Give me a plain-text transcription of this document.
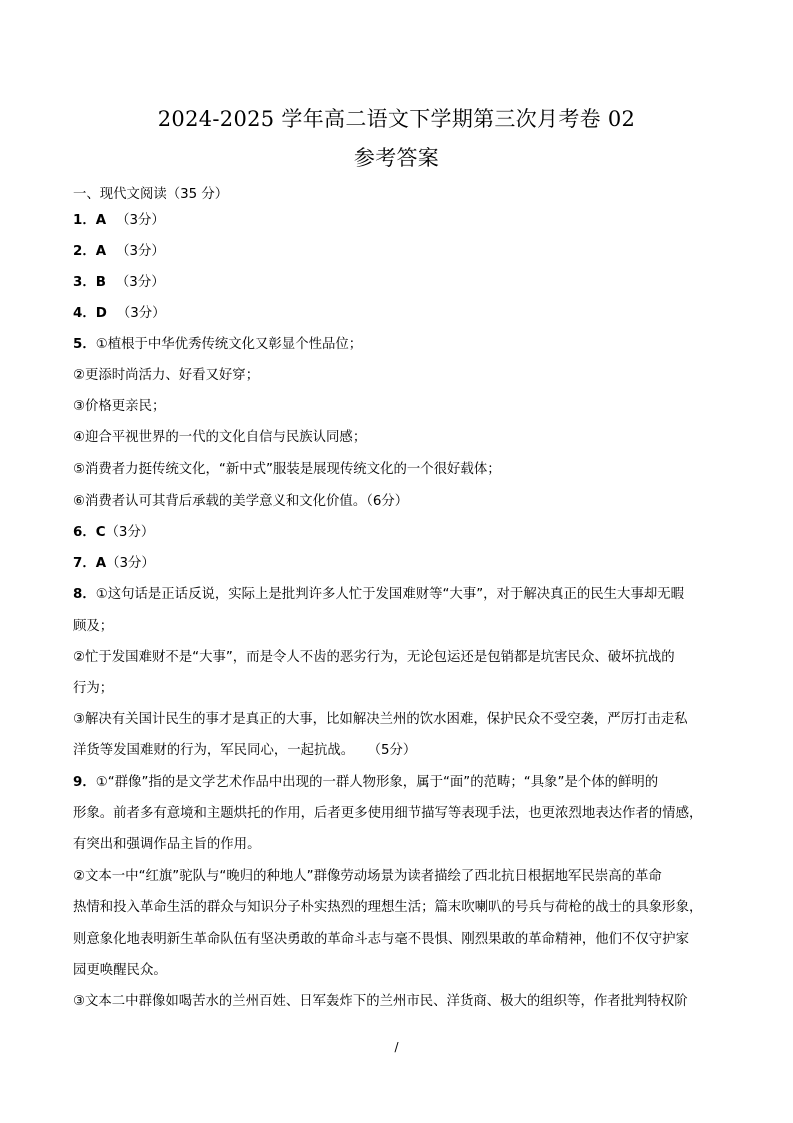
2024-2025 学年高二语文下学期第三次月考卷 02
参考答案
一、现代文阅读（35 分）
1．A （3分）
2．A （3分）
3．B （3分）
4．D （3分）
5．①植根于中华优秀传统文化又彰显个性品位；
②更添时尚活力、好看又好穿；
③价格更亲民；
④迎合平视世界的一代的文化自信与民族认同感；
⑤消费者力挺传统文化，“新中式”服装是展现传统文化的一个很好载体；
⑥消费者认可其背后承载的美学意义和文化价值。（6分）
6．C（3分）
7．A（3分）
8．①这句话是正话反说，实际上是批判许多人忙于发国难财等“大事”，对于解决真正的民生大事却无暇
顾及；
②忙于发国难财不是“大事”，而是令人不齿的恶劣行为，无论包运还是包销都是坑害民众、破坏抗战的
行为；
③解决有关国计民生的事才是真正的大事，比如解决兰州的饮水困难，保护民众不受空袭，严厉打击走私
洋货等发国难财的行为，军民同心，一起抗战。　　（5分）
9．①“群像”指的是文学艺术作品中出现的一群人物形象，属于“面”的范畴；“具象”是个体的鲜明的
形象。前者多有意境和主题烘托的作用，后者更多使用细节描写等表现手法，也更浓烈地表达作者的情感，
有突出和强调作品主旨的作用。
②文本一中“红旗”驼队与“晚归的种地人”群像劳动场景为读者描绘了西北抗日根据地军民崇高的革命
热情和投入革命生活的群众与知识分子朴实热烈的理想生活；篇末吹喇叭的号兵与荷枪的战士的具象形象，
则意象化地表明新生革命队伍有坚决勇敢的革命斗志与毫不畏惧、刚烈果敢的革命精神，他们不仅守护家
园更唤醒民众。
③文本二中群像如喝苦水的兰州百姓、日军轰炸下的兰州市民、洋货商、极大的组织等，作者批判特权阶
/
